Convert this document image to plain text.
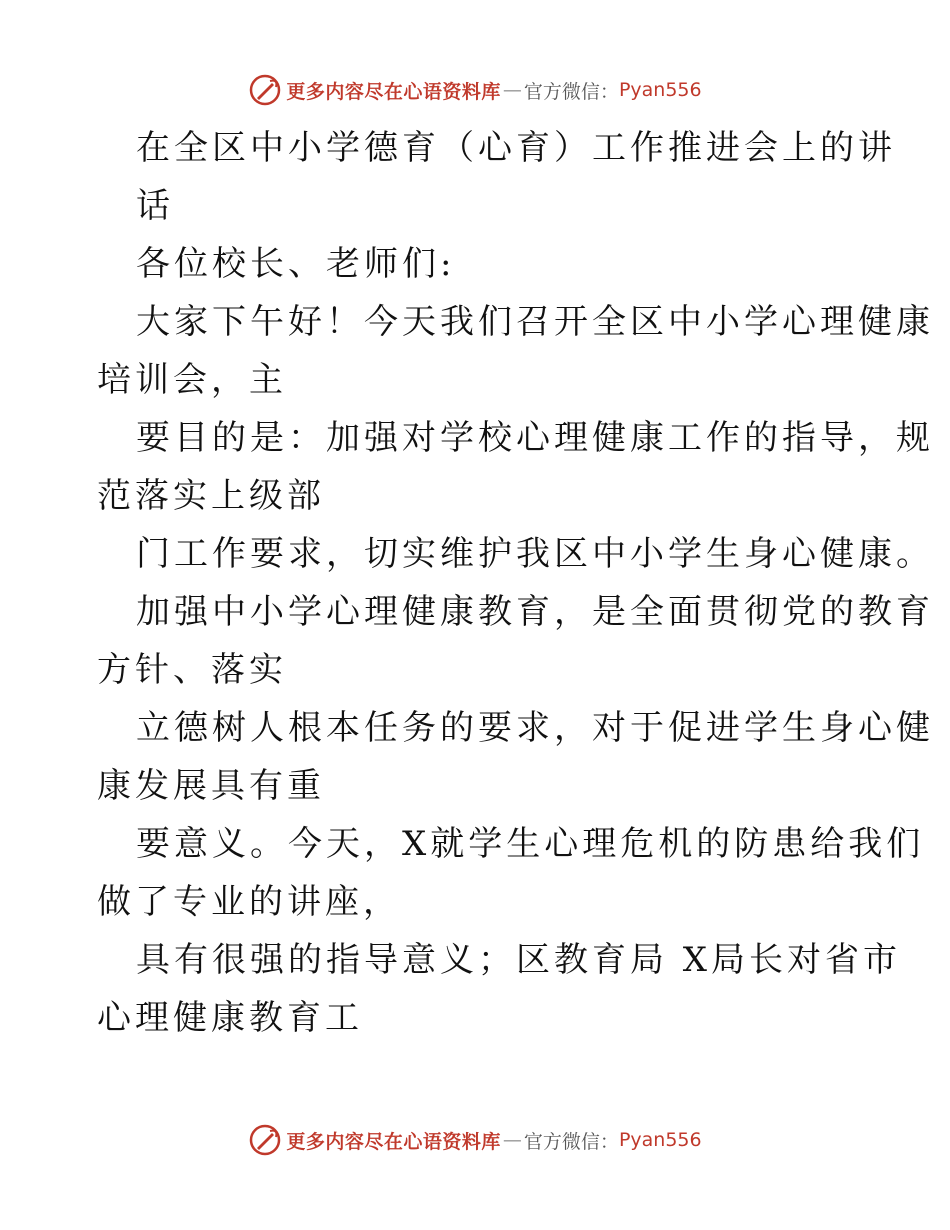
更多内容尽在心语资料库 — 官方微信： Pyan556
在全区中小学德育（心育）工作推进会上的讲
话
各位校长、老师们:
大家下午好！今天我们召开全区中小学心理健康
培训会，主
要目的是：加强对学校心理健康工作的指导，规
范落实上级部
门工作要求，切实维护我区中小学生身心健康。
加强中小学心理健康教育，是全面贯彻党的教育
方针、落实
立德树人根本任务的要求，对于促进学生身心健
康发展具有重
要意义。今天，X就学生心理危机的防患给我们
做了专业的讲座，
具有很强的指导意义；区教育局 X局长对省市
心理健康教育工
更多内容尽在心语资料库 — 官方微信： Pyan556
